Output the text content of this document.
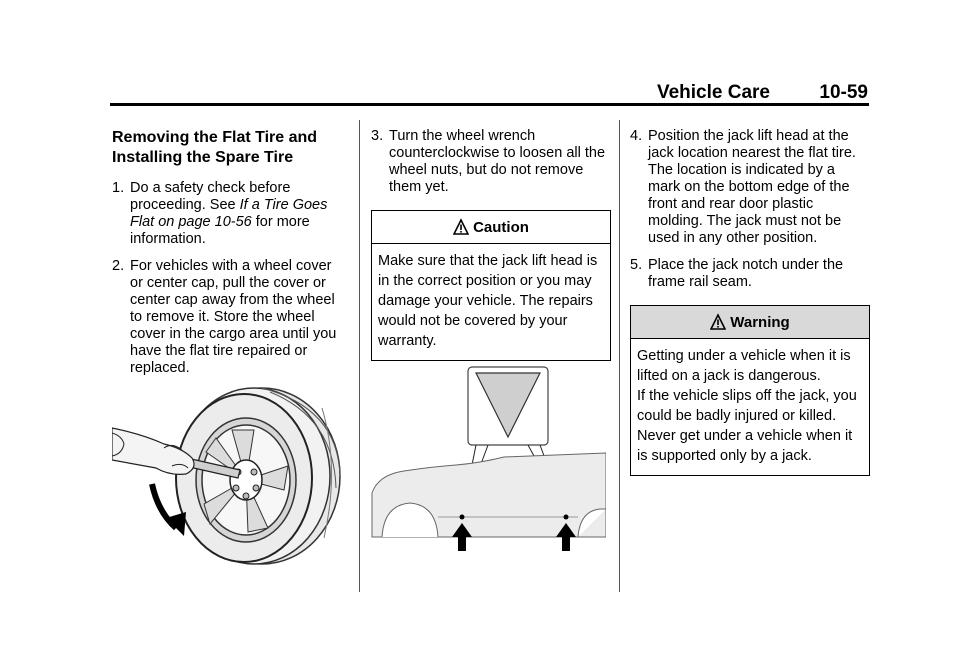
Vehicle Care	10-59
Removing the Flat Tire and Installing the Spare Tire
1. Do a safety check before proceeding. See If a Tire Goes Flat on page 10-56 for more information.
2. For vehicles with a wheel cover or center cap, pull the cover or center cap away from the wheel to remove it. Store the wheel cover in the cargo area until you have the flat tire repaired or replaced.
3. Turn the wheel wrench counterclockwise to loosen all the wheel nuts, but do not remove them yet.
Caution

Make sure that the jack lift head is in the correct position or you may damage your vehicle. The repairs would not be covered by your warranty.

4. Position the jack lift head at the jack location nearest the flat tire. The location is indicated by a mark on the bottom edge of the front and rear door plastic molding. The jack must not be used in any other position.
5. Place the jack notch under the frame rail seam.
Warning

Getting under a vehicle when it is lifted on a jack is dangerous.

If the vehicle slips off the jack, you could be badly injured or killed. Never get under a vehicle when it is supported only by a jack.
